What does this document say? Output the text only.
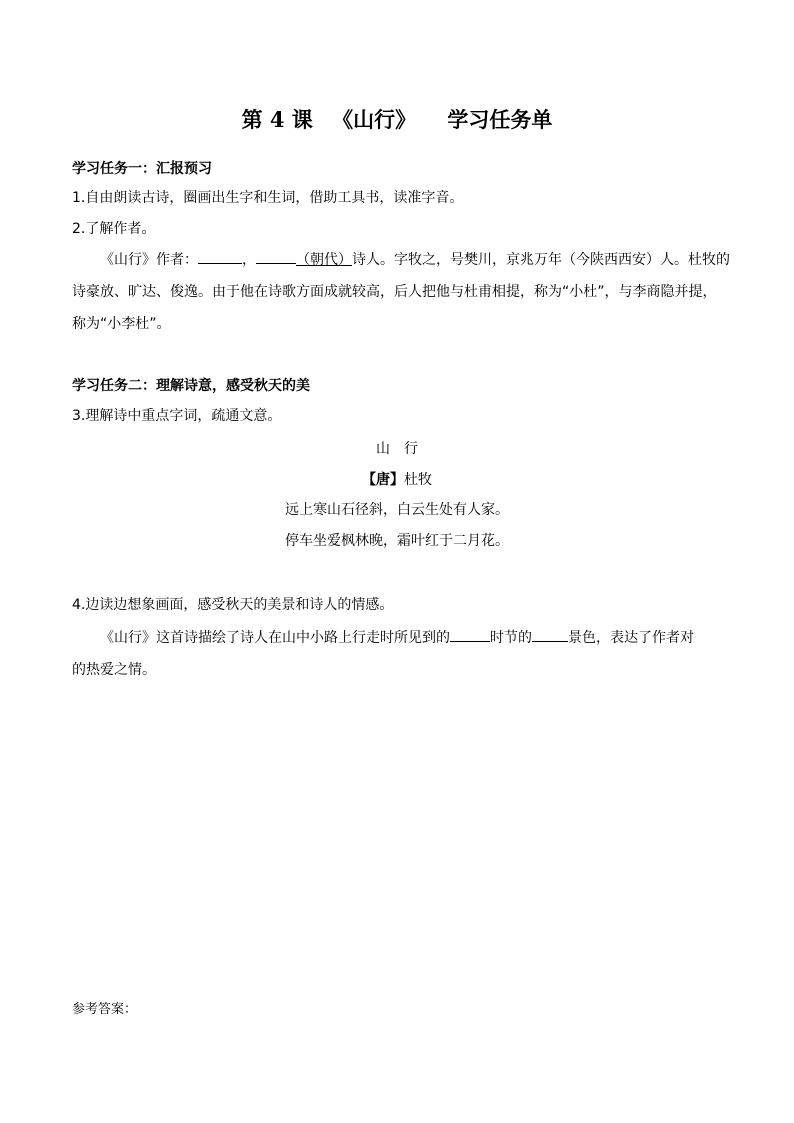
第 4 课 《山行》 学习任务单
学习任务一：汇报预习
1.自由朗读古诗，圈画出生字和生词，借助工具书，读准字音。
2.了解作者。
《山行》作者：	，	（朝代）诗人。字牧之，号樊川，京兆万年（今陕西西安）人。杜牧的
诗豪放、旷达、俊逸。由于他在诗歌方面成就较高，后人把他与杜甫相提，称为“小杜”，与李商隐并提，
称为“小李杜”。
学习任务二：理解诗意，感受秋天的美
3.理解诗中重点字词，疏通文意。
山　行
【唐】杜牧
远上寒山石径斜，白云生处有人家。
停车坐爱枫林晚，霜叶红于二月花。
4.边读边想象画面，感受秋天的美景和诗人的情感。
《山行》这首诗描绘了诗人在山中小路上行走时所见到的	时节的	景色，表达了作者对
的热爱之情。
参考答案：
